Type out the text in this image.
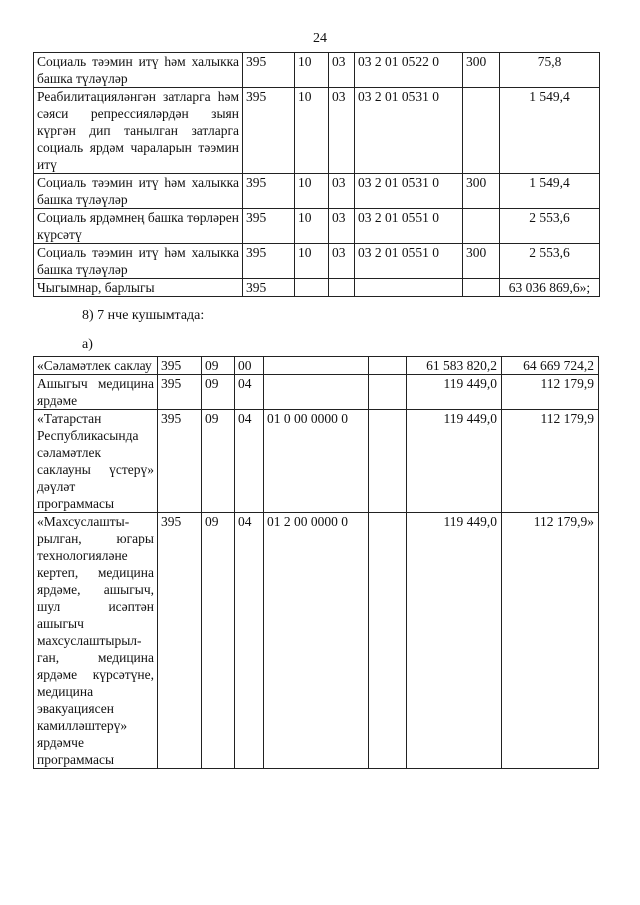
24
Социаль тәэмин итү һәм халыкка башка түләүләр	395	10	03	03 2 01 0522 0	300	75,8
Реабилитацияләнгән затларга һәм сәяси репрессияләрдән зыян күргән дип танылган затларга социаль ярдәм чараларын тәэмин итү	395	10	03	03 2 01 0531 0		1 549,4
Социаль тәэмин итү һәм халыкка башка түләүләр	395	10	03	03 2 01 0531 0	300	1 549,4
Социаль ярдәмнең башка төрләрен күрсәтү	395	10	03	03 2 01 0551 0		2 553,6
Социаль тәэмин итү һәм халыкка башка түләүләр	395	10	03	03 2 01 0551 0	300	2 553,6
Чыгымнар, барлыгы	395					63 036 869,6»;
8) 7 нче кушымтада:
а)
«Сәламәтлек саклау	395	09	00			61 583 820,2	64 669 724,2
Ашыгыч медицина ярдәме	395	09	04			119 449,0	112 179,9
«Татарстан Республикасында сәламәтлек саклауны үстерү» дәүләт программасы	395	09	04	01 0 00 0000 0		119 449,0	112 179,9
«Махсуслаштырылган, югары технологияләне кертеп, медицина ярдәме, ашыгыч, шул исәптән ашыгыч махсуслаштырылган, медицина ярдәме күрсәтүне, медицина эвакуациясен камилләштерү» ярдәмче программасы	395	09	04	01 2 00 0000 0		119 449,0	112 179,9»
